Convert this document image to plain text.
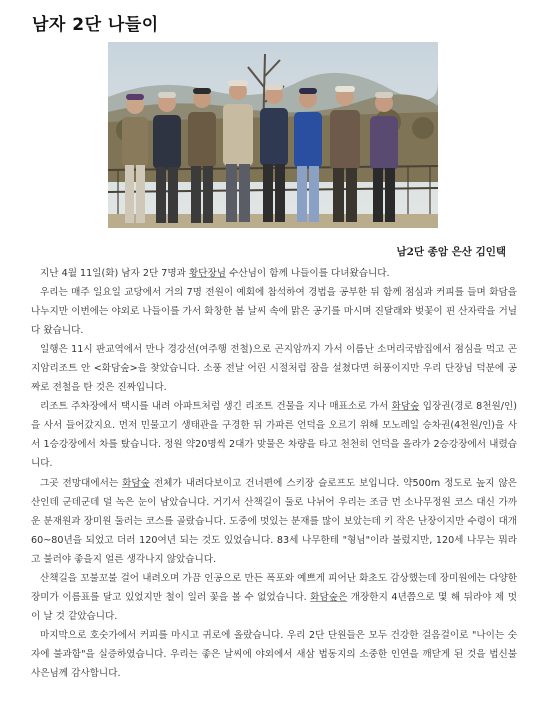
남자 2단 나들이
남2단 종암 은산 김인택

지난 4월 11일(화) 남자 2단 7명과 황단장님 수산님이 함께 나들이를 다녀왔습니다.

우리는 매주 일요일 교당에서 거의 7명 전원이 예회에 참석하여 경법을 공부한 뒤 함께 점심과 커피를 들며 화담을 나누지만 이번에는 야외로 나들이를 가서 화창한 봄 날씨 속에 맑은 공기를 마시며 진달래와 벚꽃이 핀 산자락을 거닐다 왔습니다.

일행은 11시 판교역에서 만나 경강선(여주행 전철)으로 곤지암까지 가서 이름난 소머리국밥집에서 점심을 먹고 곤지암리조트 안 <화담숲>을 찾았습니다. 소풍 전날 어린 시절처럼 잠을 설쳤다면 허풍이지만 우리 단장님 덕분에 공짜로 전철을 탄 것은 진짜입니다.

리조트 주차장에서 택시를 내려 아파트처럼 생긴 리조트 건물을 지나 매표소로 가서 화담숲 입장권(경로 8천원/인)을 사서 들어갔지요. 먼저 민물고기 생태관을 구경한 뒤 가파른 언덕을 오르기 위해 모노레일 승차권(4천원/인)을 사서 1승강장에서 차를 탔습니다. 정원 약20명씩 2대가 맞물은 차량을 타고 천천히 언덕을 올라가 2승강장에서 내렸습니다.

그곳 전망대에서는 화담숲 전체가 내려다보이고 건너편에 스키장 슬로프도 보입니다. 약500m 정도로 높지 않은 산인데 군데군데 덜 녹은 눈이 남았습니다. 거기서 산책길이 둘로 나뉘어 우리는 조금 먼 소나무정원 코스 대신 가까운 분재원과 장미원 둘러는 코스를 골랐습니다. 도중에 멋있는 분재를 많이 보았는데 키 작은 난장이지만 수령이 대개 60~80년을 되었고 더러 120여년 되는 것도 있었습니다. 83세 나무한테 "형님"이라 불렀지만, 120세 나무는 뭐라고 불러야 좋을지 얼른 생각나지 않았습니다.

산책길을 꼬불꼬불 걸어 내려오며 가끔 인공으로 만든 폭포와 예쁘게 피어난 화초도 감상했는데 장미원에는 다양한 장미가 이름표를 달고 있었지만 철이 일러 꽃을 볼 수 없었습니다. 화담숲은 개장한지 4년쯤으로 몇 해 뒤라야 제 멋이 날 것 같았습니다.

마지막으로 호숫가에서 커피를 마시고 귀로에 올랐습니다. 우리 2단 단원들은 모두 건강한 걸음걸이로 "나이는 숫자에 불과함"을 실증하였습니다. 우리는 좋은 날씨에 야외에서 새삼 법동지의 소중한 인연을 깨닫게 된 것을 법신불 사은님께 감사합니다.
